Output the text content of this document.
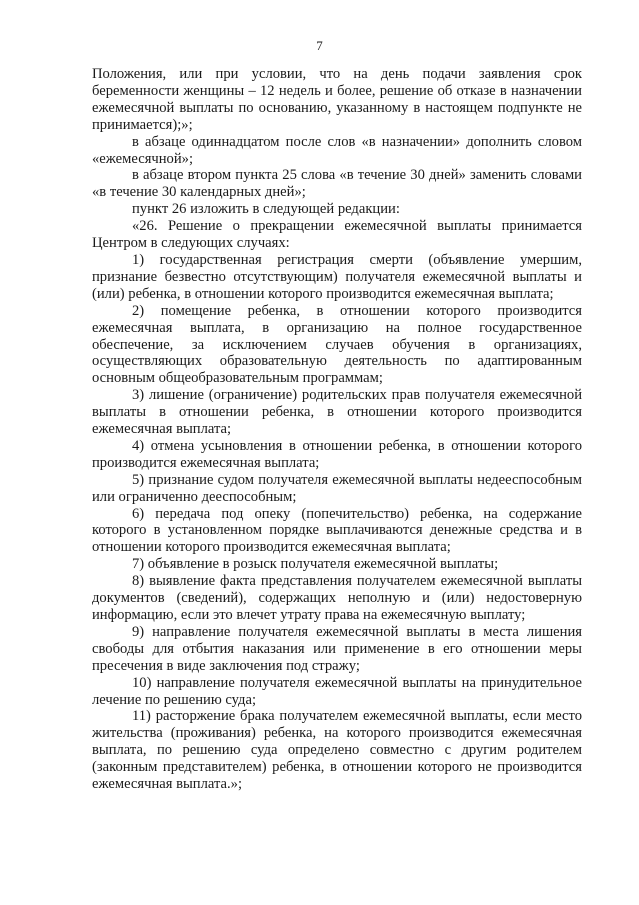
7

Положения, или при условии, что на день подачи заявления срок беременности женщины – 12 недель и более, решение об отказе в назначении ежемесячной выплаты по основанию, указанному в настоящем подпункте не принимается);»;

в абзаце одиннадцатом после слов «в назначении» дополнить словом «ежемесячной»;

в абзаце втором пункта 25 слова «в течение 30 дней» заменить словами «в течение 30 календарных дней»;

пункт 26 изложить в следующей редакции:

«26. Решение о прекращении ежемесячной выплаты принимается Центром в следующих случаях:

1) государственная регистрация смерти (объявление умершим, признание безвестно отсутствующим) получателя ежемесячной выплаты и (или) ребенка, в отношении которого производится ежемесячная выплата;

2) помещение ребенка, в отношении которого производится ежемесячная выплата, в организацию на полное государственное обеспечение, за исключением случаев обучения в организациях, осуществляющих образовательную деятельность по адаптированным основным общеобразовательным программам;

3) лишение (ограничение) родительских прав получателя ежемесячной выплаты в отношении ребенка, в отношении которого производится ежемесячная выплата;

4) отмена усыновления в отношении ребенка, в отношении которого производится ежемесячная выплата;

5) признание судом получателя ежемесячной выплаты недееспособным или ограниченно дееспособным;

6) передача под опеку (попечительство) ребенка, на содержание которого в установленном порядке выплачиваются денежные средства и в отношении которого производится ежемесячная выплата;

7) объявление в розыск получателя ежемесячной выплаты;

8) выявление факта представления получателем ежемесячной выплаты документов (сведений), содержащих неполную и (или) недостоверную информацию, если это влечет утрату права на ежемесячную выплату;

9) направление получателя ежемесячной выплаты в места лишения свободы для отбытия наказания или применение в его отношении меры пресечения в виде заключения под стражу;

10) направление получателя ежемесячной выплаты на принудительное лечение по решению суда;

11) расторжение брака получателем ежемесячной выплаты, если место жительства (проживания) ребенка, на которого производится ежемесячная выплата, по решению суда определено совместно с другим родителем (законным представителем) ребенка, в отношении которого не производится ежемесячная выплата.»;
